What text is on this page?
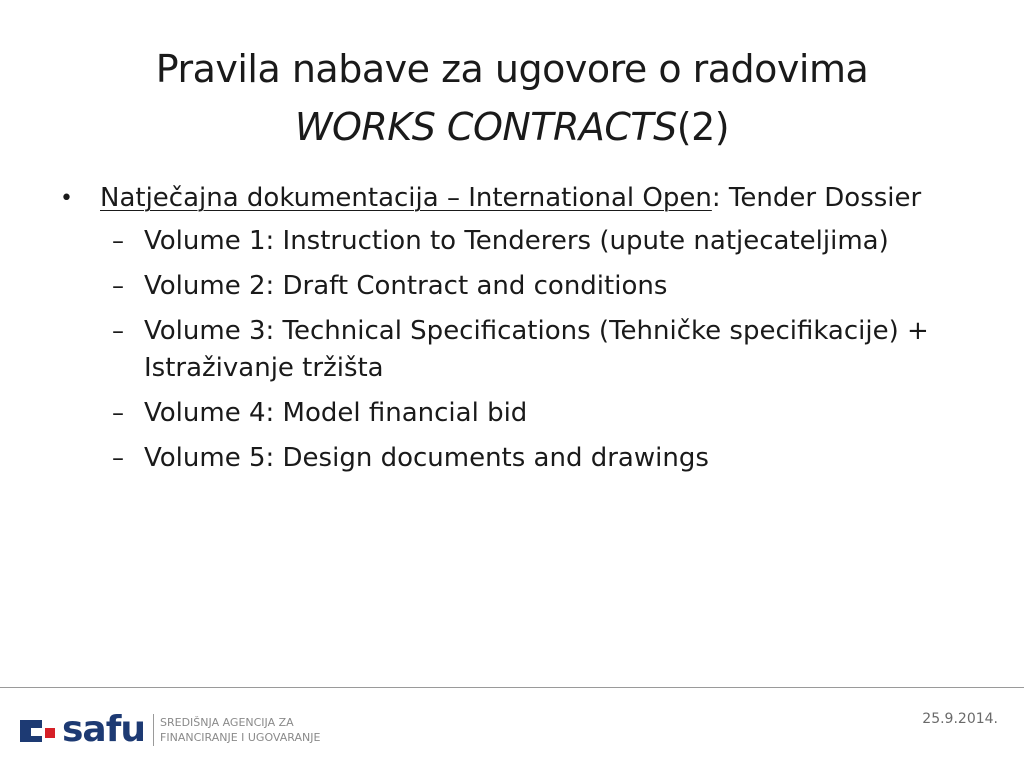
Pravila nabave za ugovore o radovima
WORKS CONTRACTS(2)
• Natječajna dokumentacija – International Open: Tender Dossier
– Volume 1: Instruction to Tenderers (upute natjecateljima)
– Volume 2: Draft Contract and conditions
– Volume 3: Technical Specifications (Tehničke specifikacije) + Istraživanje tržišta
– Volume 4: Model financial bid
– Volume 5: Design documents and drawings
safu SREDIŠNJA AGENCIJA ZA
FINANCIRANJE I UGOVARANJE
25.9.2014.
